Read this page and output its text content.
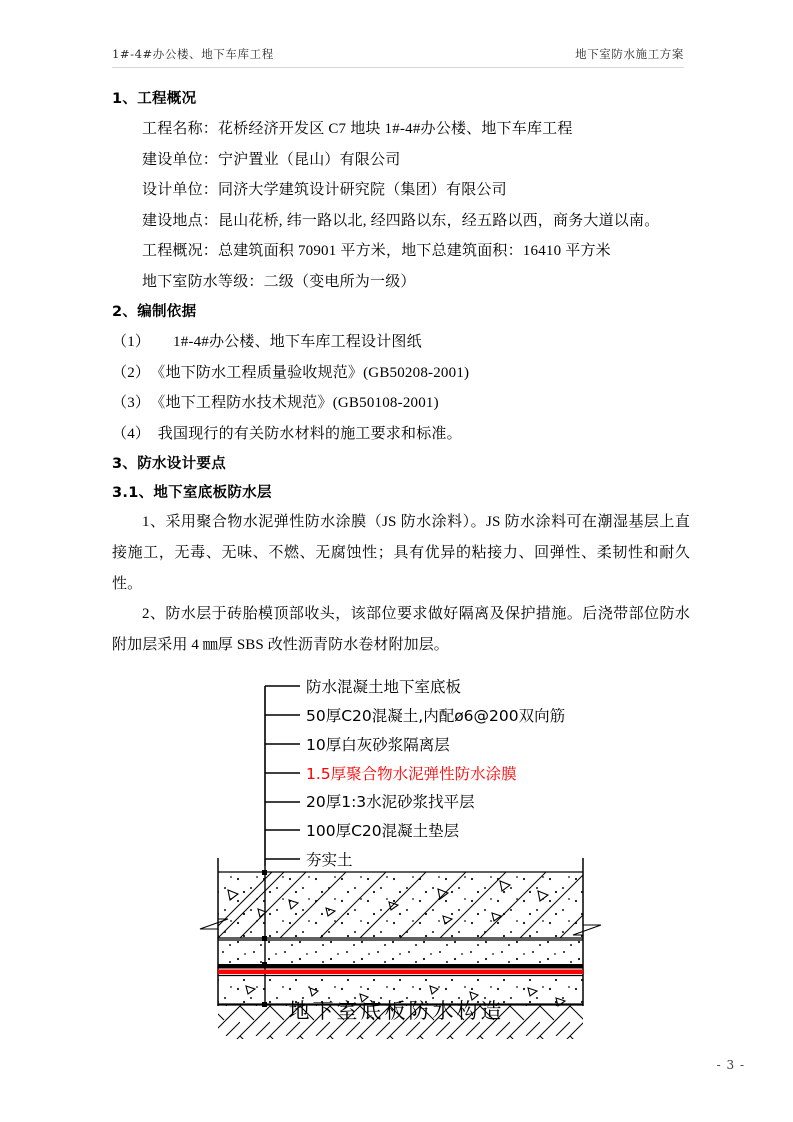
1#-4#办公楼、地下车库工程	地下室防水施工方案
1、工程概况

工程名称：花桥经济开发区 C7 地块 1#-4#办公楼、地下车库工程

建设单位：宁沪置业（昆山）有限公司

设计单位：同济大学建筑设计研究院（集团）有限公司

建设地点：昆山花桥, 纬一路以北, 经四路以东，经五路以西，商务大道以南。

工程概况：总建筑面积 70901 平方米，地下总建筑面积：16410 平方米

地下室防水等级：二级（变电所为一级）

2、编制依据

（1）　　1#-4#办公楼、地下车库工程设计图纸

（2）　《地下防水工程质量验收规范》(GB50208-2001)

（3）　《地下工程防水技术规范》(GB50108-2001)

（4）　我国现行的有关防水材料的施工要求和标准。

3、防水设计要点
3.1、地下室底板防水层

1、采用聚合物水泥弹性防水涂膜（JS 防水涂料）。JS 防水涂料可在潮湿基层上直接施工，无毒、无味、不燃、无腐蚀性；具有优异的粘接力、回弹性、柔韧性和耐久性。

2、防水层于砖胎模顶部收头，该部位要求做好隔离及保护措施。后浇带部位防水附加层采用 4 ㎜厚 SBS 改性沥青防水卷材附加层。

防水混凝土地下室底板
50厚C20混凝土,内配ø6@200双向筋
10厚白灰砂浆隔离层
1.5厚聚合物水泥弹性防水涂膜
20厚1:3水泥砂浆找平层
100厚C20混凝土垫层
夯实土
地下室底板防水构造
- 3 -
